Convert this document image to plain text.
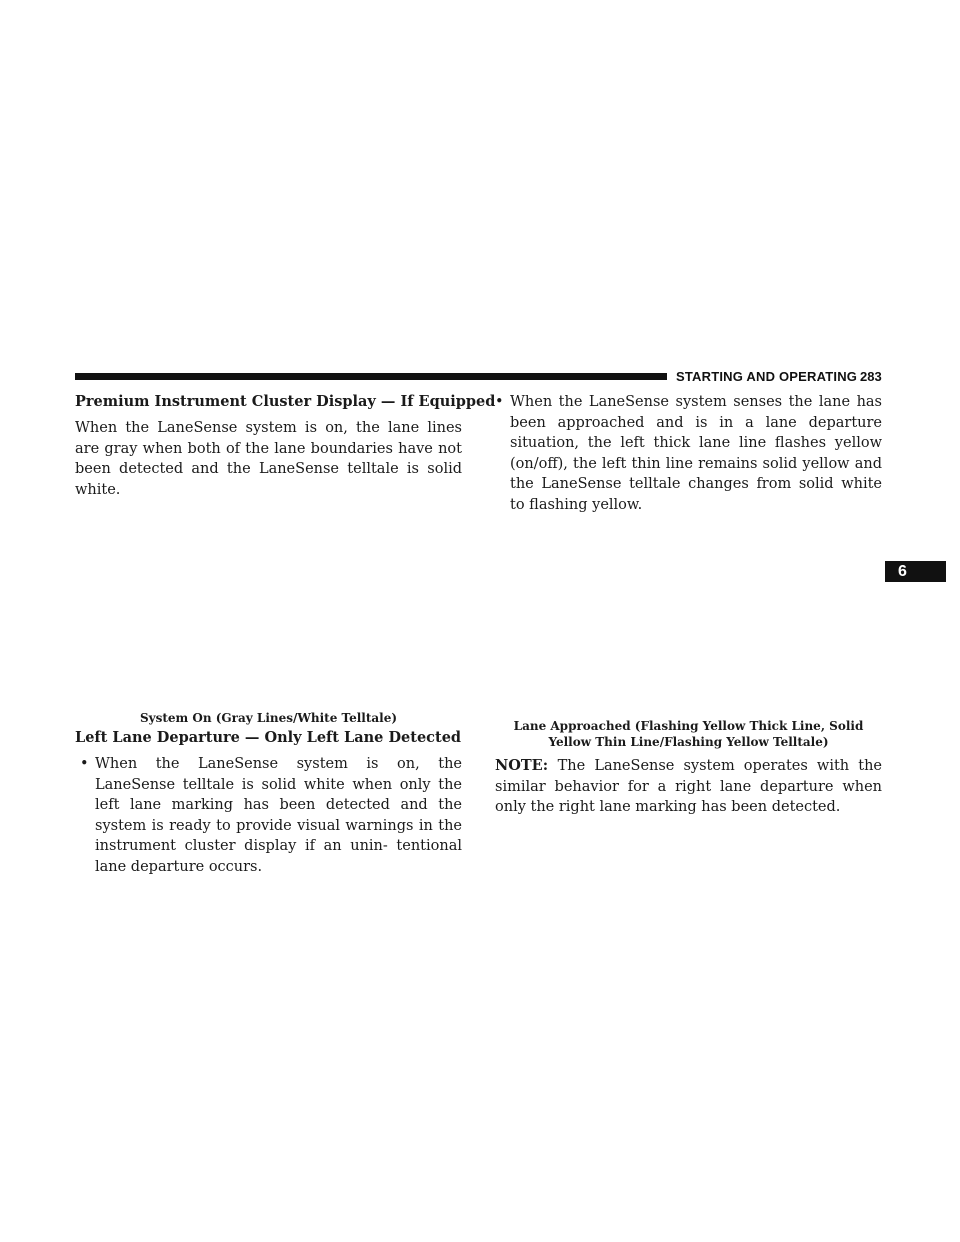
STARTING AND OPERATING 283
6
Premium Instrument Cluster Display — If Equipped
When the LaneSense system is on, the lane lines are gray when both of the lane boundaries have not been detected and the LaneSense telltale is solid white.
System On (Gray Lines/White Telltale)
Left Lane Departure — Only Left Lane Detected
• When the LaneSense system is on, the LaneSense telltale is solid white when only the left lane marking has been detected and the system is ready to provide visual warnings in the instrument cluster display if an unin- tentional lane departure occurs.
• When the LaneSense system senses the lane has been approached and is in a lane departure situation, the left thick lane line flashes yellow (on/off), the left thin line remains solid yellow and the LaneSense telltale changes from solid white to flashing yellow.
Lane Approached (Flashing Yellow Thick Line, Solid
Yellow Thin Line/Flashing Yellow Telltale)
NOTE: The LaneSense system operates with the similar behavior for a right lane departure when only the right lane marking has been detected.
